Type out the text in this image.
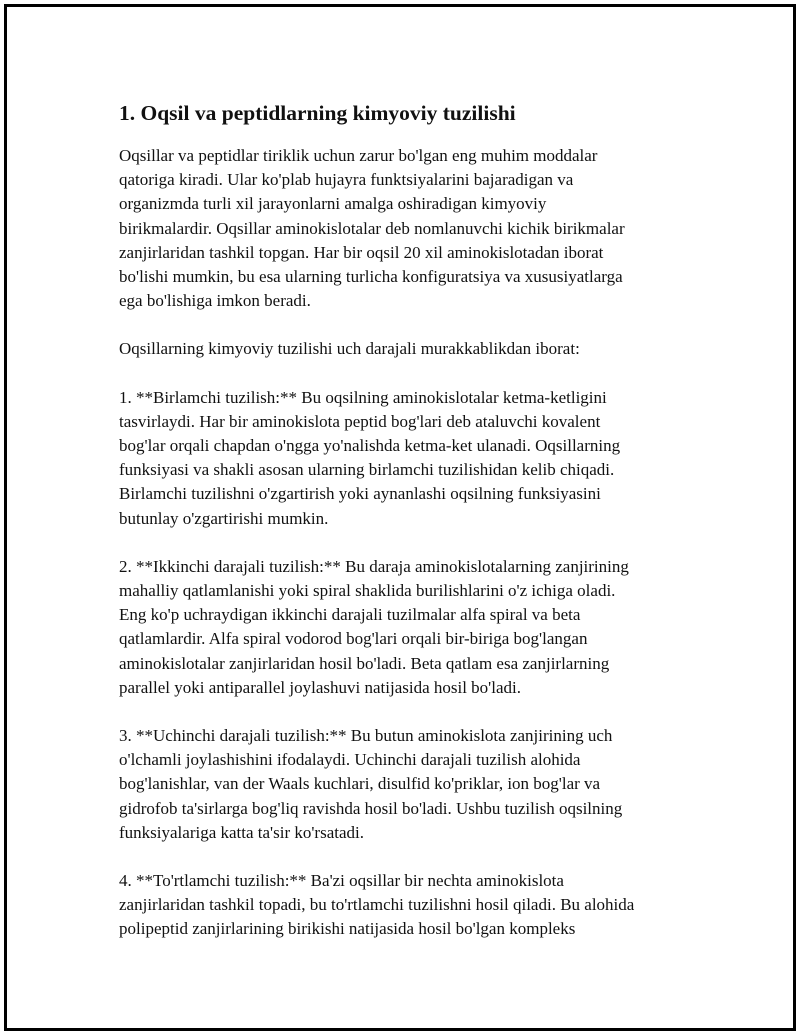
1. Oqsil va peptidlarning kimyoviy tuzilishi

Oqsillar va peptidlar tiriklik uchun zarur bo'lgan eng muhim moddalar
qatoriga kiradi. Ular ko'plab hujayra funktsiyalarini bajaradigan va
organizmda turli xil jarayonlarni amalga oshiradigan kimyoviy
birikmalardir. Oqsillar aminokislotalar deb nomlanuvchi kichik birikmalar
zanjirlaridan tashkil topgan. Har bir oqsil 20 xil aminokislotadan iborat
bo'lishi mumkin, bu esa ularning turlicha konfiguratsiya va xususiyatlarga
ega bo'lishiga imkon beradi.

Oqsillarning kimyoviy tuzilishi uch darajali murakkablikdan iborat:

1. **Birlamchi tuzilish:** Bu oqsilning aminokislotalar ketma-ketligini
tasvirlaydi. Har bir aminokislota peptid bog'lari deb ataluvchi kovalent
bog'lar orqali chapdan o'ngga yo'nalishda ketma-ket ulanadi. Oqsillarning
funksiyasi va shakli asosan ularning birlamchi tuzilishidan kelib chiqadi.
Birlamchi tuzilishni o'zgartirish yoki aynanlashi oqsilning funksiyasini
butunlay o'zgartirishi mumkin.

2. **Ikkinchi darajali tuzilish:** Bu daraja aminokislotalarning zanjirining
mahalliy qatlamlanishi yoki spiral shaklida burilishlarini o'z ichiga oladi.
Eng ko'p uchraydigan ikkinchi darajali tuzilmalar alfa spiral va beta
qatlamlardir. Alfa spiral vodorod bog'lari orqali bir-biriga bog'langan
aminokislotalar zanjirlaridan hosil bo'ladi. Beta qatlam esa zanjirlarning
parallel yoki antiparallel joylashuvi natijasida hosil bo'ladi.

3. **Uchinchi darajali tuzilish:** Bu butun aminokislota zanjirining uch
o'lchamli joylashishini ifodalaydi. Uchinchi darajali tuzilish alohida
bog'lanishlar, van der Waals kuchlari, disulfid ko'priklar, ion bog'lar va
gidrofob ta'sirlarga bog'liq ravishda hosil bo'ladi. Ushbu tuzilish oqsilning
funksiyalariga katta ta'sir ko'rsatadi.

4. **To'rtlamchi tuzilish:** Ba'zi oqsillar bir nechta aminokislota
zanjirlaridan tashkil topadi, bu to'rtlamchi tuzilishni hosil qiladi. Bu alohida
polipeptid zanjirlarining birikishi natijasida hosil bo'lgan kompleks
